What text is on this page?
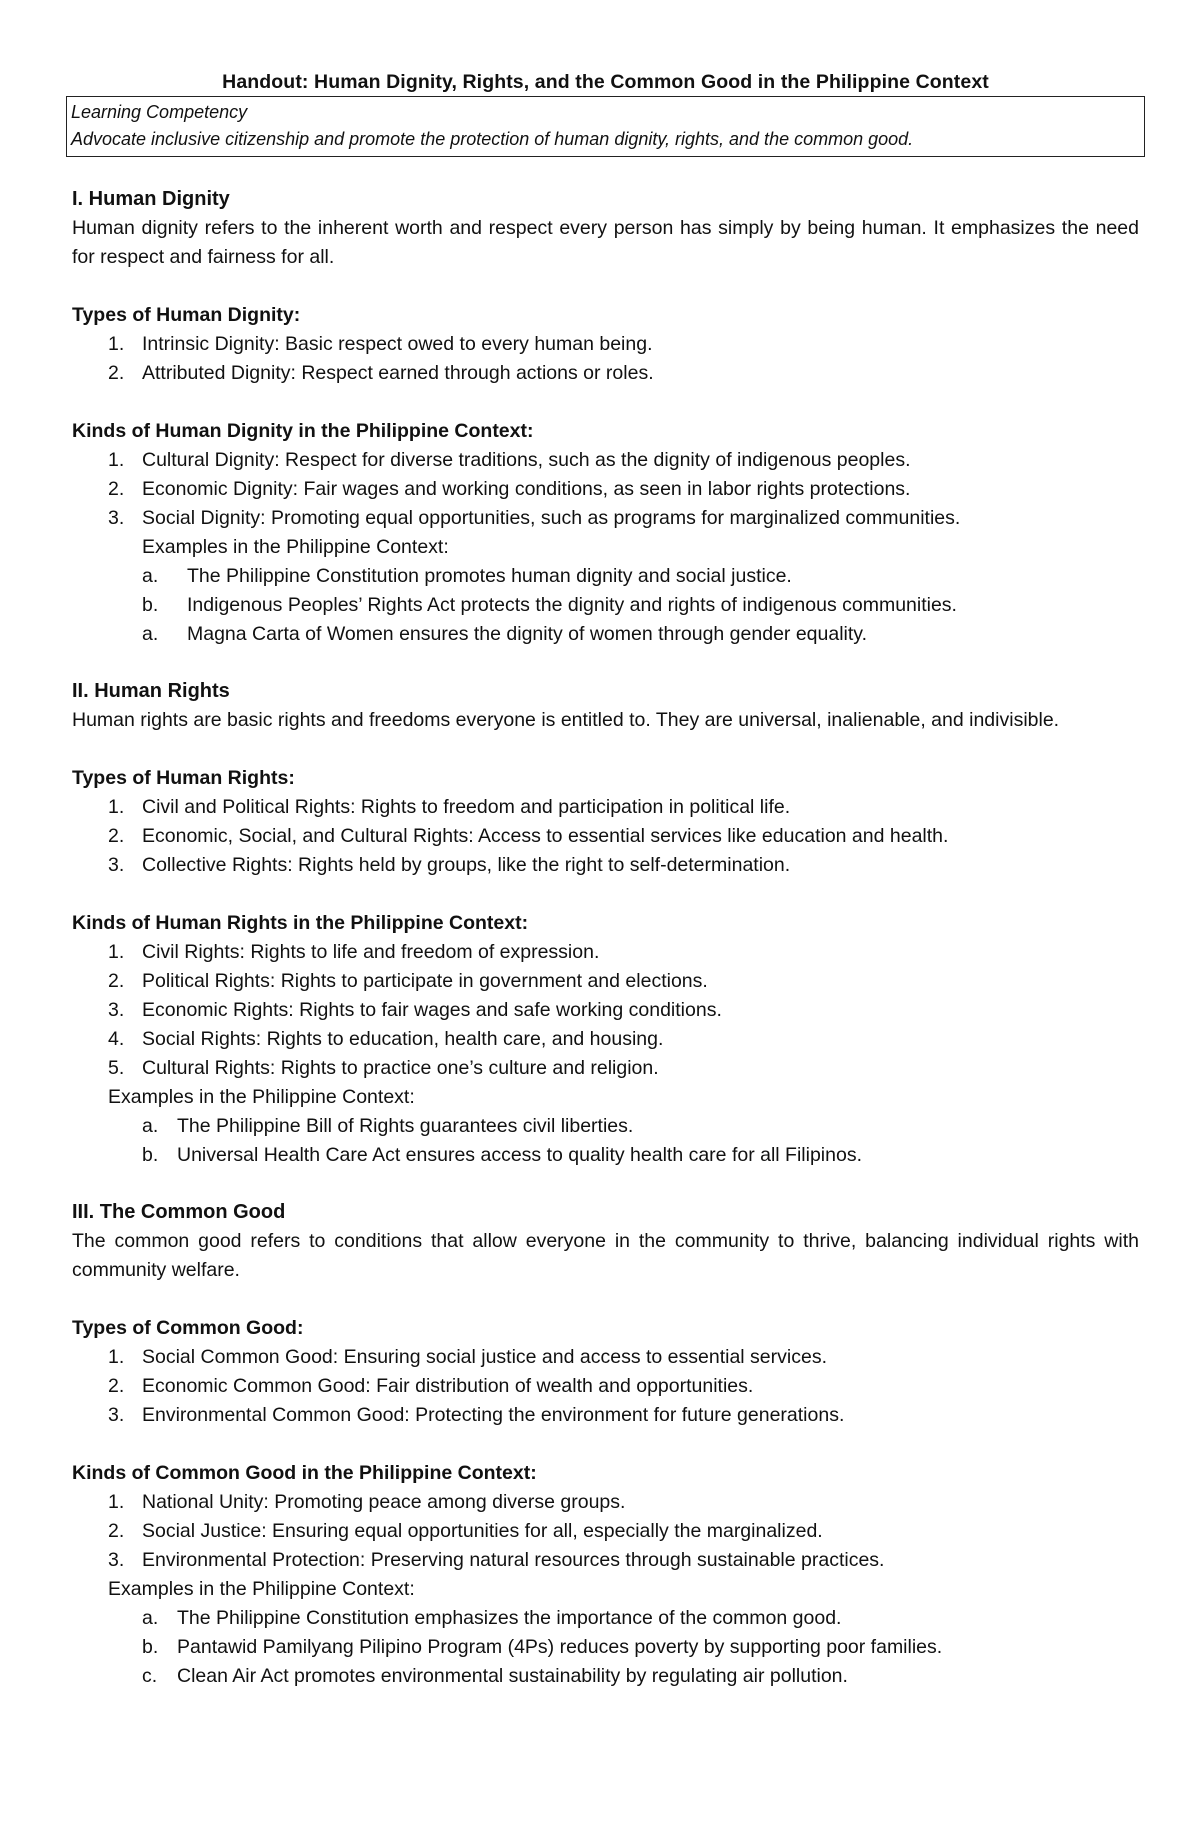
Handout: Human Dignity, Rights, and the Common Good in the Philippine Context

Learning Competency
Advocate inclusive citizenship and promote the protection of human dignity, rights, and the common good.
I. Human Dignity

Human dignity refers to the inherent worth and respect every person has simply by being human. It emphasizes the need for respect and fairness for all.

Types of Human Dignity:

1. Intrinsic Dignity: Basic respect owed to every human being.
2. Attributed Dignity: Respect earned through actions or roles.

Kinds of Human Dignity in the Philippine Context:

1. Cultural Dignity: Respect for diverse traditions, such as the dignity of indigenous peoples.
2. Economic Dignity: Fair wages and working conditions, as seen in labor rights protections.
3. Social Dignity: Promoting equal opportunities, such as programs for marginalized communities.
Examples in the Philippine Context:
a. The Philippine Constitution promotes human dignity and social justice.
b. Indigenous Peoples’ Rights Act protects the dignity and rights of indigenous communities.
a. Magna Carta of Women ensures the dignity of women through gender equality.
II. Human Rights

Human rights are basic rights and freedoms everyone is entitled to. They are universal, inalienable, and indivisible.

Types of Human Rights:

1. Civil and Political Rights: Rights to freedom and participation in political life.
2. Economic, Social, and Cultural Rights: Access to essential services like education and health.
3. Collective Rights: Rights held by groups, like the right to self-determination.

Kinds of Human Rights in the Philippine Context:

1. Civil Rights: Rights to life and freedom of expression.
2. Political Rights: Rights to participate in government and elections.
3. Economic Rights: Rights to fair wages and safe working conditions.
4. Social Rights: Rights to education, health care, and housing.
5. Cultural Rights: Rights to practice one’s culture and religion.
Examples in the Philippine Context:
a. The Philippine Bill of Rights guarantees civil liberties.
b. Universal Health Care Act ensures access to quality health care for all Filipinos.
III. The Common Good

The common good refers to conditions that allow everyone in the community to thrive, balancing individual rights with community welfare.

Types of Common Good:

1. Social Common Good: Ensuring social justice and access to essential services.
2. Economic Common Good: Fair distribution of wealth and opportunities.
3. Environmental Common Good: Protecting the environment for future generations.

Kinds of Common Good in the Philippine Context:

1. National Unity: Promoting peace among diverse groups.
2. Social Justice: Ensuring equal opportunities for all, especially the marginalized.
3. Environmental Protection: Preserving natural resources through sustainable practices.
Examples in the Philippine Context:
a. The Philippine Constitution emphasizes the importance of the common good.
b. Pantawid Pamilyang Pilipino Program (4Ps) reduces poverty by supporting poor families.
c. Clean Air Act promotes environmental sustainability by regulating air pollution.
